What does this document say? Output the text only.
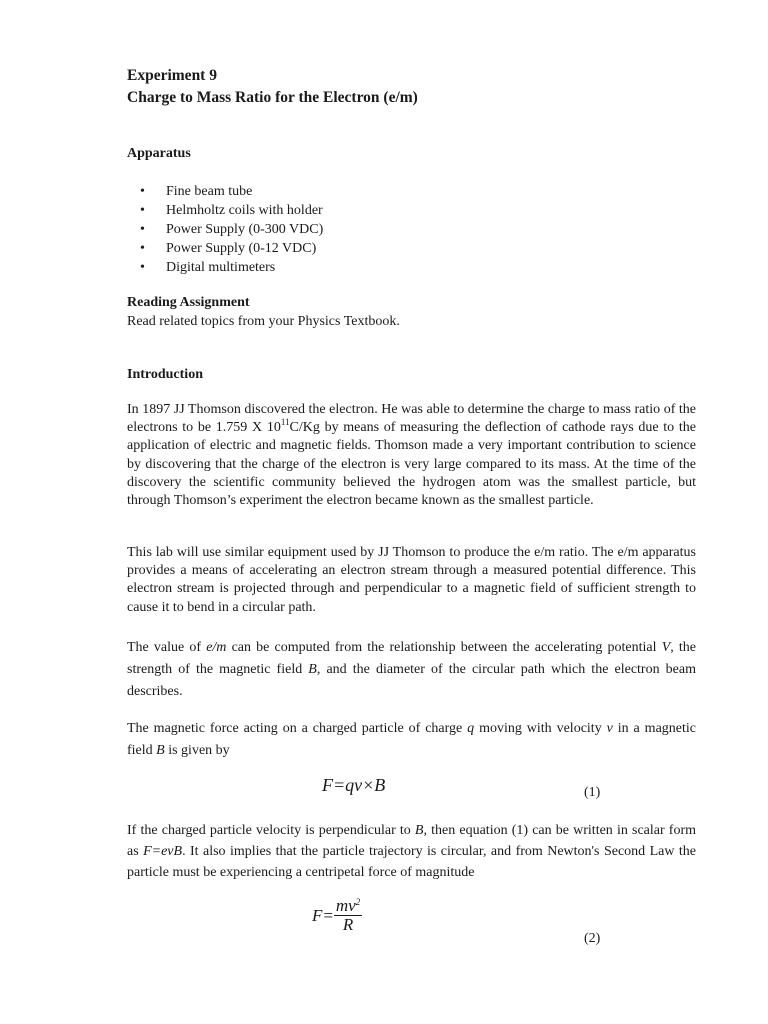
Experiment 9
Charge to Mass Ratio for the Electron (e/m)
Apparatus
• Fine beam tube
• Helmholtz coils with holder
• Power Supply (0-300 VDC)
• Power Supply (0-12 VDC)
• Digital multimeters
Reading Assignment
Read related topics from your Physics Textbook.
Introduction
In 1897 JJ Thomson discovered the electron. He was able to determine the charge to mass ratio of the electrons to be 1.759 X $10^{11}C/Kg$ by means of measuring the deflection of cathode rays due to the application of electric and magnetic fields. Thomson made a very important contribution to science by discovering that the charge of the electron is very large compared to its mass. At the time of the discovery the scientific community believed the hydrogen atom was the smallest particle, but through Thomson’s experiment the electron became known as the smallest particle.
This lab will use similar equipment used by JJ Thomson to produce the e/m ratio. The e/m apparatus provides a means of accelerating an electron stream through a measured potential difference. This electron stream is projected through and perpendicular to a magnetic field of sufficient strength to cause it to bend in a circular path.
The value of e/m can be computed from the relationship between the accelerating potential V, the strength of the magnetic field B, and the diameter of the circular path which the electron beam describes.
The magnetic force acting on a charged particle of charge q moving with velocity v in a magnetic field B is given by
F=qv×B	(1)
If the charged particle velocity is perpendicular to B, then equation (1) can be written in scalar form as F=evB. It also implies that the particle trajectory is circular, and from Newton's Second Law the particle must be experiencing a centripetal force of magnitude
$F= \frac{mv^2}{R}$
(2)
